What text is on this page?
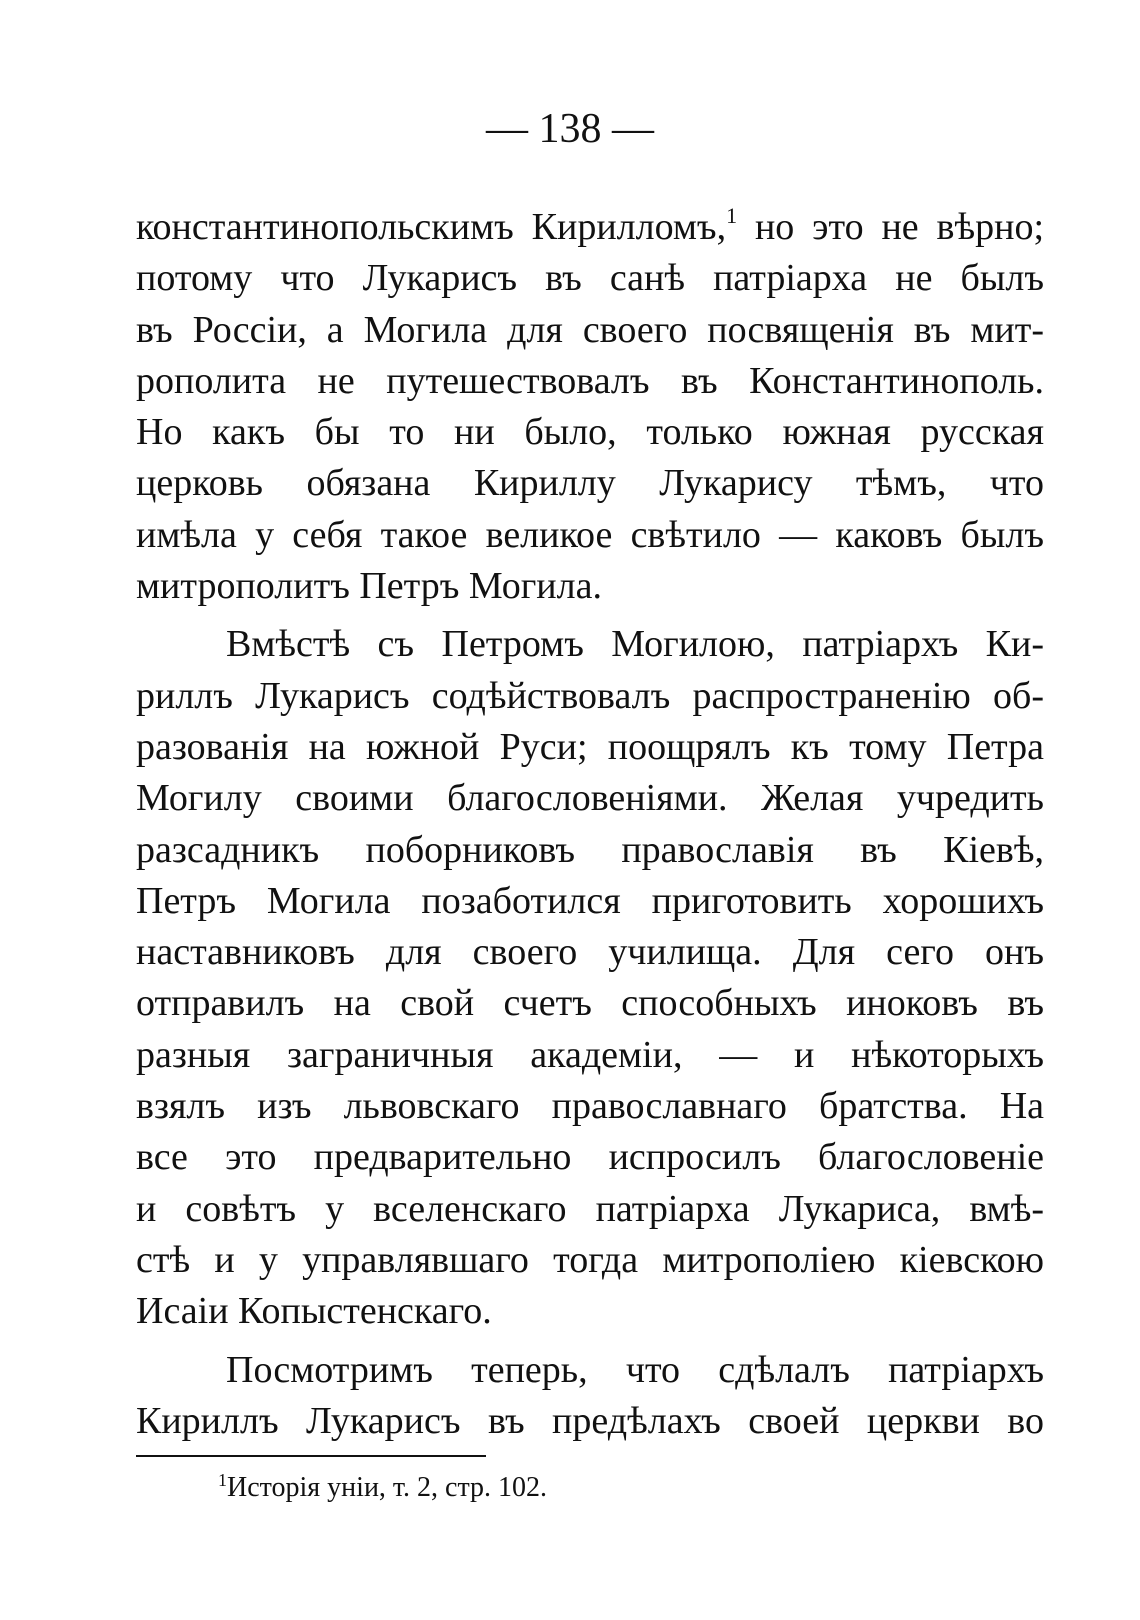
— 138 —
константинопольскимъ Кирилломъ,$^1$ но это не вѣрно;
потому что Лукарисъ въ санѣ патріарха не былъ
въ Россіи, а Могила для своего посвященія въ мит-
рополита не путешествовалъ въ Константинополь.
Но какъ бы то ни было, только южная русская
церковь обязана Кириллу Лукарису тѣмъ, что
имѣла у себя такое великое свѣтило — каковъ былъ
митрополитъ Петръ Могила.
Вмѣстѣ съ Петромъ Могилою, патріархъ Ки-
риллъ Лукарисъ содѣйствовалъ распространенію об-
разованія на южной Руси; поощрялъ къ тому Петра
Могилу своими благословеніями. Желая учредить
разсадникъ поборниковъ православія въ Кіевѣ,
Петръ Могила позаботился приготовить хорошихъ
наставниковъ для своего училища. Для сего онъ
отправилъ на свой счетъ способныхъ иноковъ въ
разныя заграничныя академіи, — и нѣкоторыхъ
взялъ изъ львовскаго православнаго братства. На
все это предварительно испросилъ благословеніе
и совѣтъ у вселенскаго патріарха Лукариса, вмѣ-
стѣ и у управлявшаго тогда митрополіею кіевскою
Исаіи Копыстенскаго.
Посмотримъ теперь, что сдѣлалъ патріархъ
Кириллъ Лукарисъ въ предѣлахъ своей церкви во
$^1$Исторія уніи, т. 2, стр. 102.
